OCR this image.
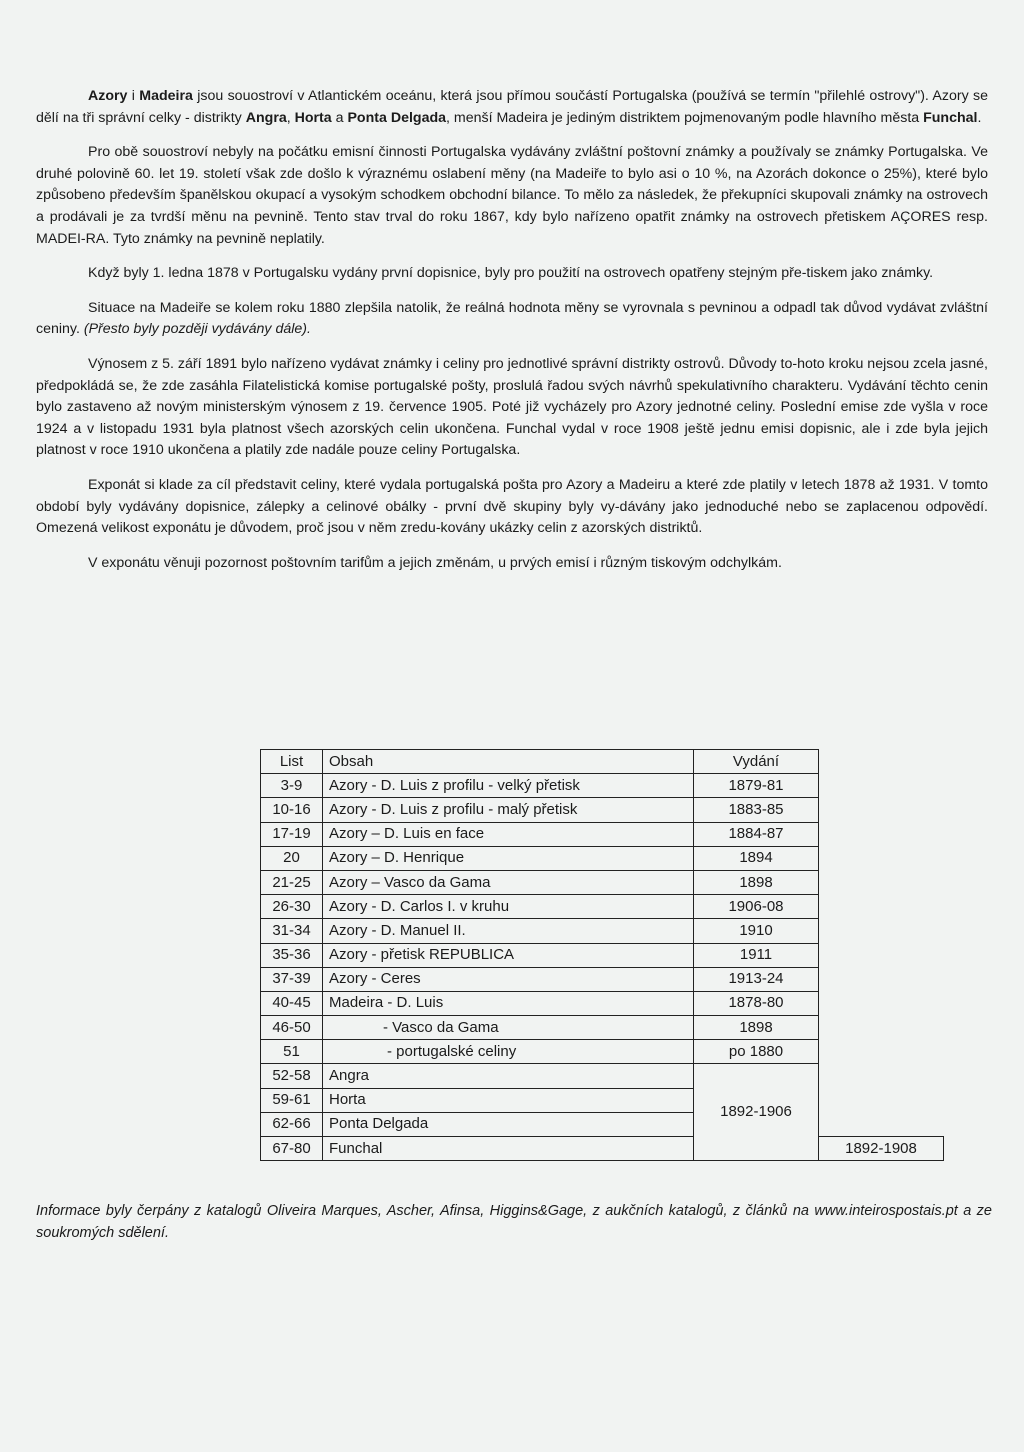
Azory i Madeira jsou souostroví v Atlantickém oceánu, která jsou přímou součástí Portugalska (používá se termín "přilehlé ostrovy"). Azory se dělí na tři správní celky - distrikty Angra, Horta a Ponta Delgada, menší Madeira je jediným distriktem pojmenovaným podle hlavního města Funchal.

Pro obě souostroví nebyly na počátku emisní činnosti Portugalska vydávány zvláštní poštovní známky a používaly se známky Portugalska. Ve druhé polovině 60. let 19. století však zde došlo k výraznému oslabení měny (na Madeiře to bylo asi o 10 %, na Azorách dokonce o 25%), které bylo způsobeno především španělskou okupací a vysokým schodkem obchodní bilance. To mělo za následek, že překupníci skupovali známky na ostrovech a prodávali je za tvrdší měnu na pevnině. Tento stav trval do roku 1867, kdy bylo nařízeno opatřit známky na ostrovech přetiskem AÇORES resp. MADEI-RA. Tyto známky na pevnině neplatily.

Když byly 1. ledna 1878 v Portugalsku vydány první dopisnice, byly pro použití na ostrovech opatřeny stejným pře-tiskem jako známky.

Situace na Madeiře se kolem roku 1880 zlepšila natolik, že reálná hodnota měny se vyrovnala s pevninou a odpadl tak důvod vydávat zvláštní ceniny. (Přesto byly později vydávány dále).

Výnosem z 5. září 1891 bylo nařízeno vydávat známky i celiny pro jednotlivé správní distrikty ostrovů. Důvody to-hoto kroku nejsou zcela jasné, předpokládá se, že zde zasáhla Filatelistická komise portugalské pošty, proslulá řadou svých návrhů spekulativního charakteru. Vydávání těchto cenin bylo zastaveno až novým ministerským výnosem z 19. července 1905. Poté již vycházely pro Azory jednotné celiny. Poslední emise zde vyšla v roce 1924 a v listopadu 1931 byla platnost všech azorských celin ukončena. Funchal vydal v roce 1908 ještě jednu emisi dopisnic, ale i zde byla jejich platnost v roce 1910 ukončena a platily zde nadále pouze celiny Portugalska.

Exponát si klade za cíl představit celiny, které vydala portugalská pošta pro Azory a Madeiru a které zde platily v letech 1878 až 1931. V tomto období byly vydávány dopisnice, zálepky a celinové obálky - první dvě skupiny byly vy-dávány jako jednoduché nebo se zaplacenou odpovědí. Omezená velikost exponátu je důvodem, proč jsou v něm zredu-kovány ukázky celin z azorských distriktů.

V exponátu věnuji pozornost poštovním tarifům a jejich změnám, u prvých emisí i různým tiskovým odchylkám.

List	Obsah	Vydání	
3-9	Azory - D. Luis z profilu - velký přetisk	1879-81	
10-16	Azory - D. Luis z profilu - malý přetisk	1883-85	
17-19	Azory – D. Luis en face	1884-87	
20	Azory – D. Henrique	1894	
21-25	Azory – Vasco da Gama	1898	
26-30	Azory - D. Carlos I. v kruhu	1906-08	
31-34	Azory - D. Manuel II.	1910	
35-36	Azory - přetisk REPUBLICA	1911	
37-39	Azory - Ceres	1913-24	
40-45	Madeira - D. Luis	1878-80	
46-50	- Vasco da Gama	1898	
51	- portugalské celiny	po 1880	
52-58	Angra	1892-1906	
59-61	Horta		
62-66	Ponta Delgada		
67-80	Funchal		1892-1908
Informace byly čerpány z katalogů Oliveira Marques, Ascher, Afinsa, Higgins&Gage, z aukčních katalogů, z článků na www.inteirospostais.pt a ze soukromých sdělení.
